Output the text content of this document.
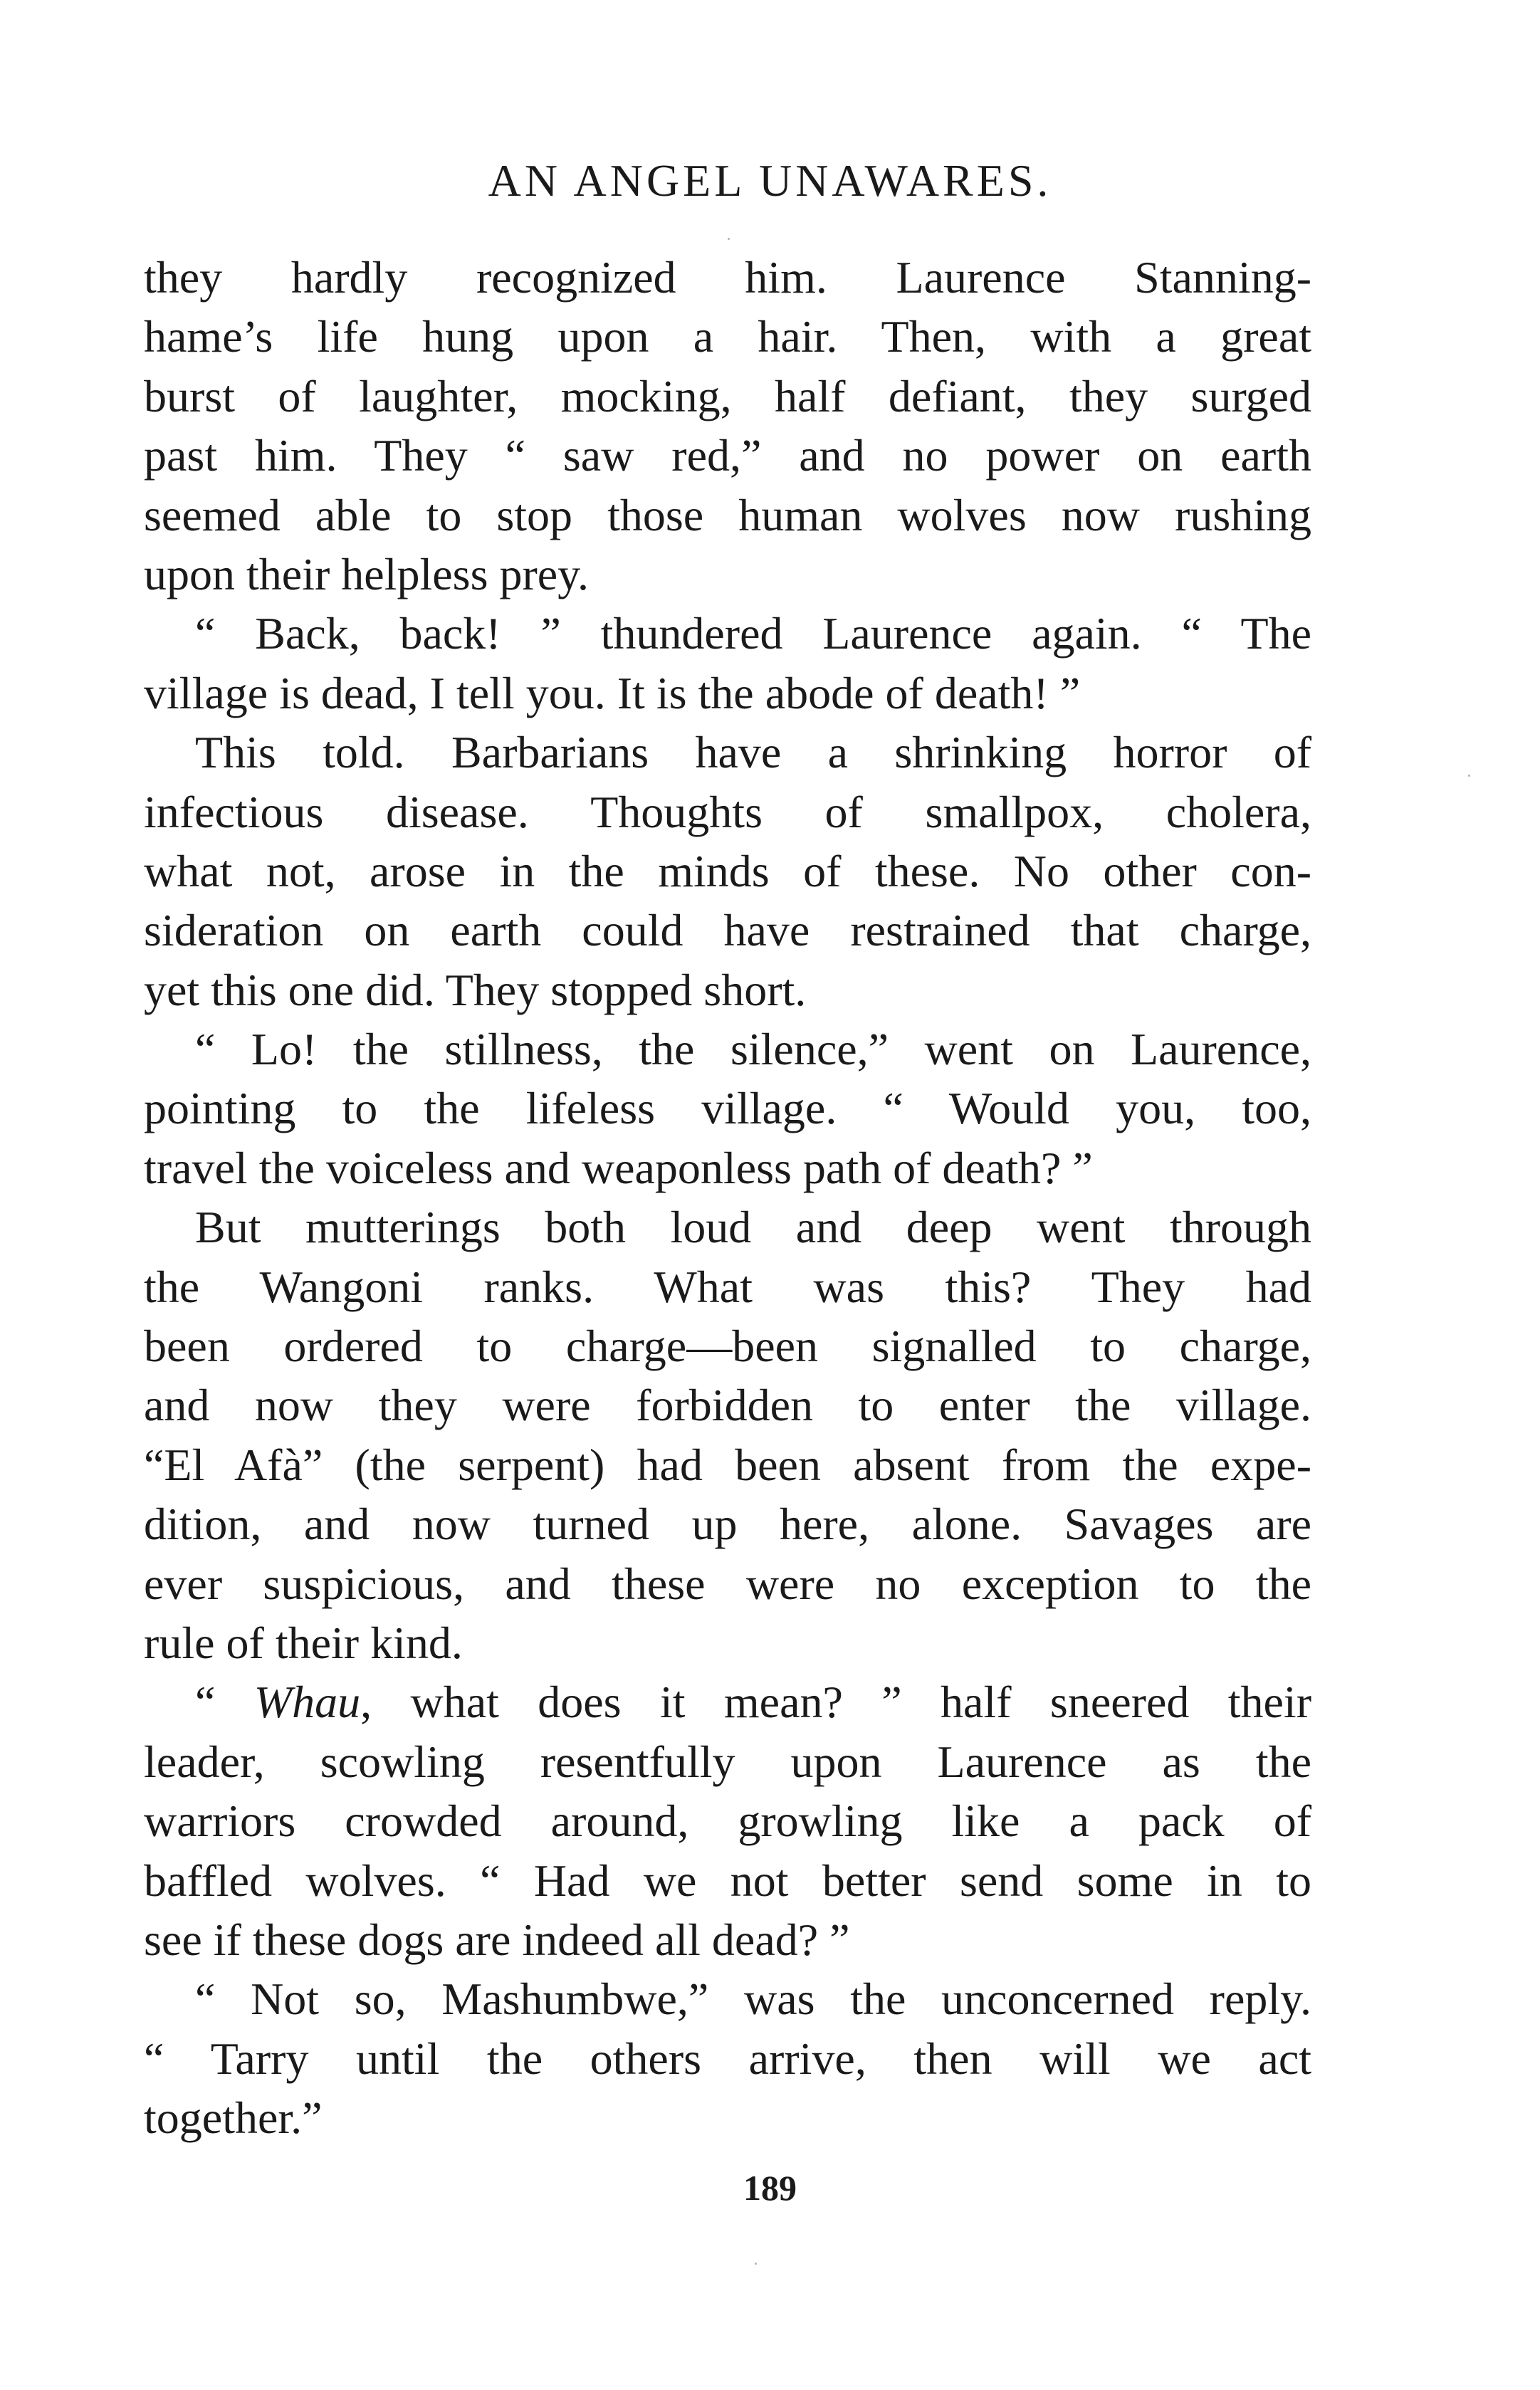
AN ANGEL UNAWARES.
they hardly recognized him. Laurence Stanning-
hame’s life hung upon a hair. Then, with a great
burst of laughter, mocking, half defiant, they surged
past him. They “ saw red,” and no power on earth
seemed able to stop those human wolves now rushing
upon their helpless prey.
“ Back, back! ” thundered Laurence again. “ The
village is dead, I tell you. It is the abode of death! ”
This told. Barbarians have a shrinking horror of
infectious disease. Thoughts of smallpox, cholera,
what not, arose in the minds of these. No other con-
sideration on earth could have restrained that charge,
yet this one did. They stopped short.
“ Lo! the stillness, the silence,” went on Laurence,
pointing to the lifeless village. “ Would you, too,
travel the voiceless and weaponless path of death? ”
But mutterings both loud and deep went through
the Wangoni ranks. What was this? They had
been ordered to charge—been signalled to charge,
and now they were forbidden to enter the village.
“El Afà” (the serpent) had been absent from the expe-
dition, and now turned up here, alone. Savages are
ever suspicious, and these were no exception to the
rule of their kind.
“ Whau, what does it mean? ” half sneered their
leader, scowling resentfully upon Laurence as the
warriors crowded around, growling like a pack of
baffled wolves. “ Had we not better send some in to
see if these dogs are indeed all dead? ”
“ Not so, Mashumbwe,” was the unconcerned reply.
“ Tarry until the others arrive, then will we act
together.”
189
